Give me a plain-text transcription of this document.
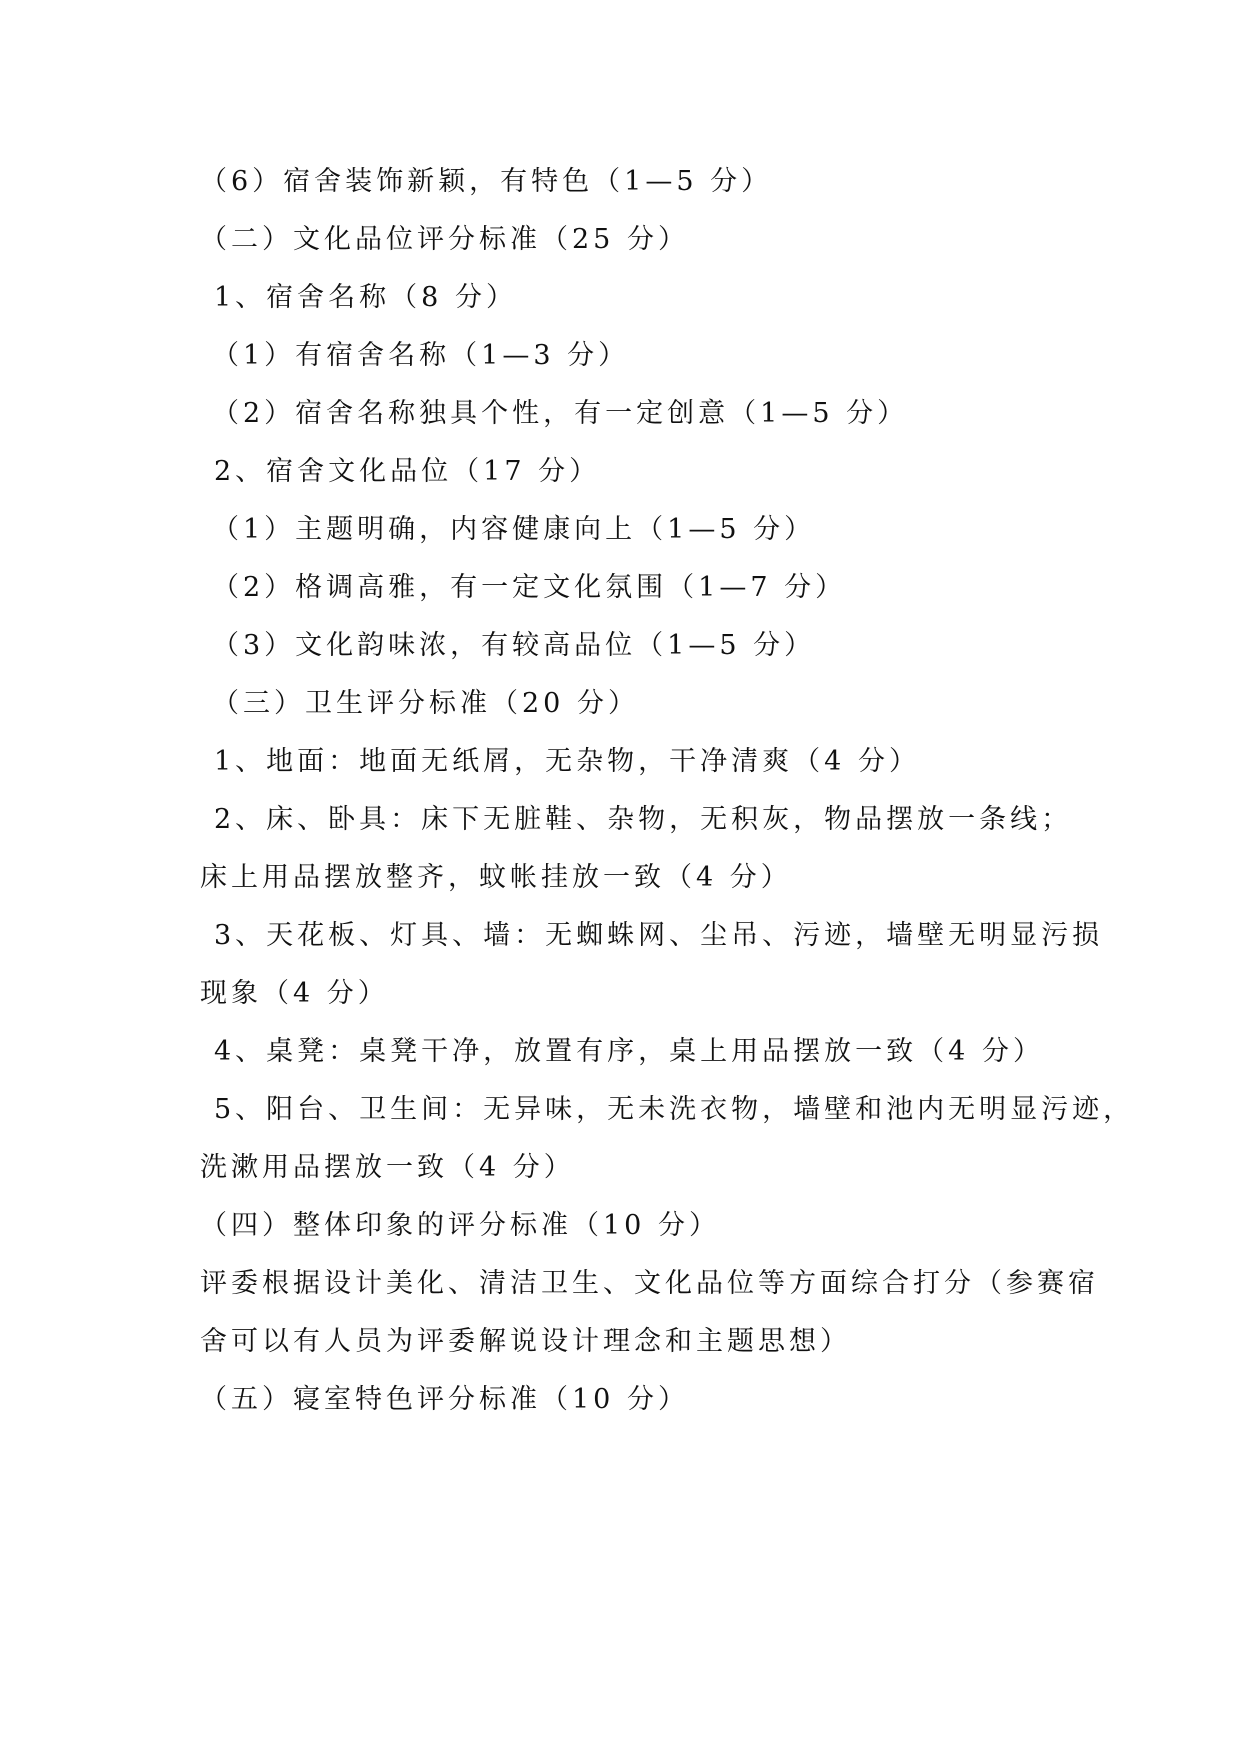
（6）宿舍装饰新颖，有特色（1—5 分）
（二）文化品位评分标准（25 分）
1、宿舍名称（8 分）
（1）有宿舍名称（1—3 分）
（2）宿舍名称独具个性，有一定创意（1—5 分）
2、宿舍文化品位（17 分）
（1）主题明确，内容健康向上（1—5 分）
（2）格调高雅，有一定文化氛围（1—7 分）
（3）文化韵味浓，有较高品位（1—5 分）
（三）卫生评分标准（20 分）
1、地面：地面无纸屑，无杂物，干净清爽（4 分）
2、床、卧具：床下无脏鞋、杂物，无积灰，物品摆放一条线；
床上用品摆放整齐，蚊帐挂放一致（4 分）
3、天花板、灯具、墙：无蜘蛛网、尘吊、污迹，墙壁无明显污损
现象（4 分）
4、桌凳：桌凳干净，放置有序，桌上用品摆放一致（4 分）
5、阳台、卫生间：无异味，无未洗衣物，墙壁和池内无明显污迹，
洗漱用品摆放一致（4 分）
（四）整体印象的评分标准（10 分）
评委根据设计美化、清洁卫生、文化品位等方面综合打分（参赛宿
舍可以有人员为评委解说设计理念和主题思想）
（五）寝室特色评分标准（10 分）
